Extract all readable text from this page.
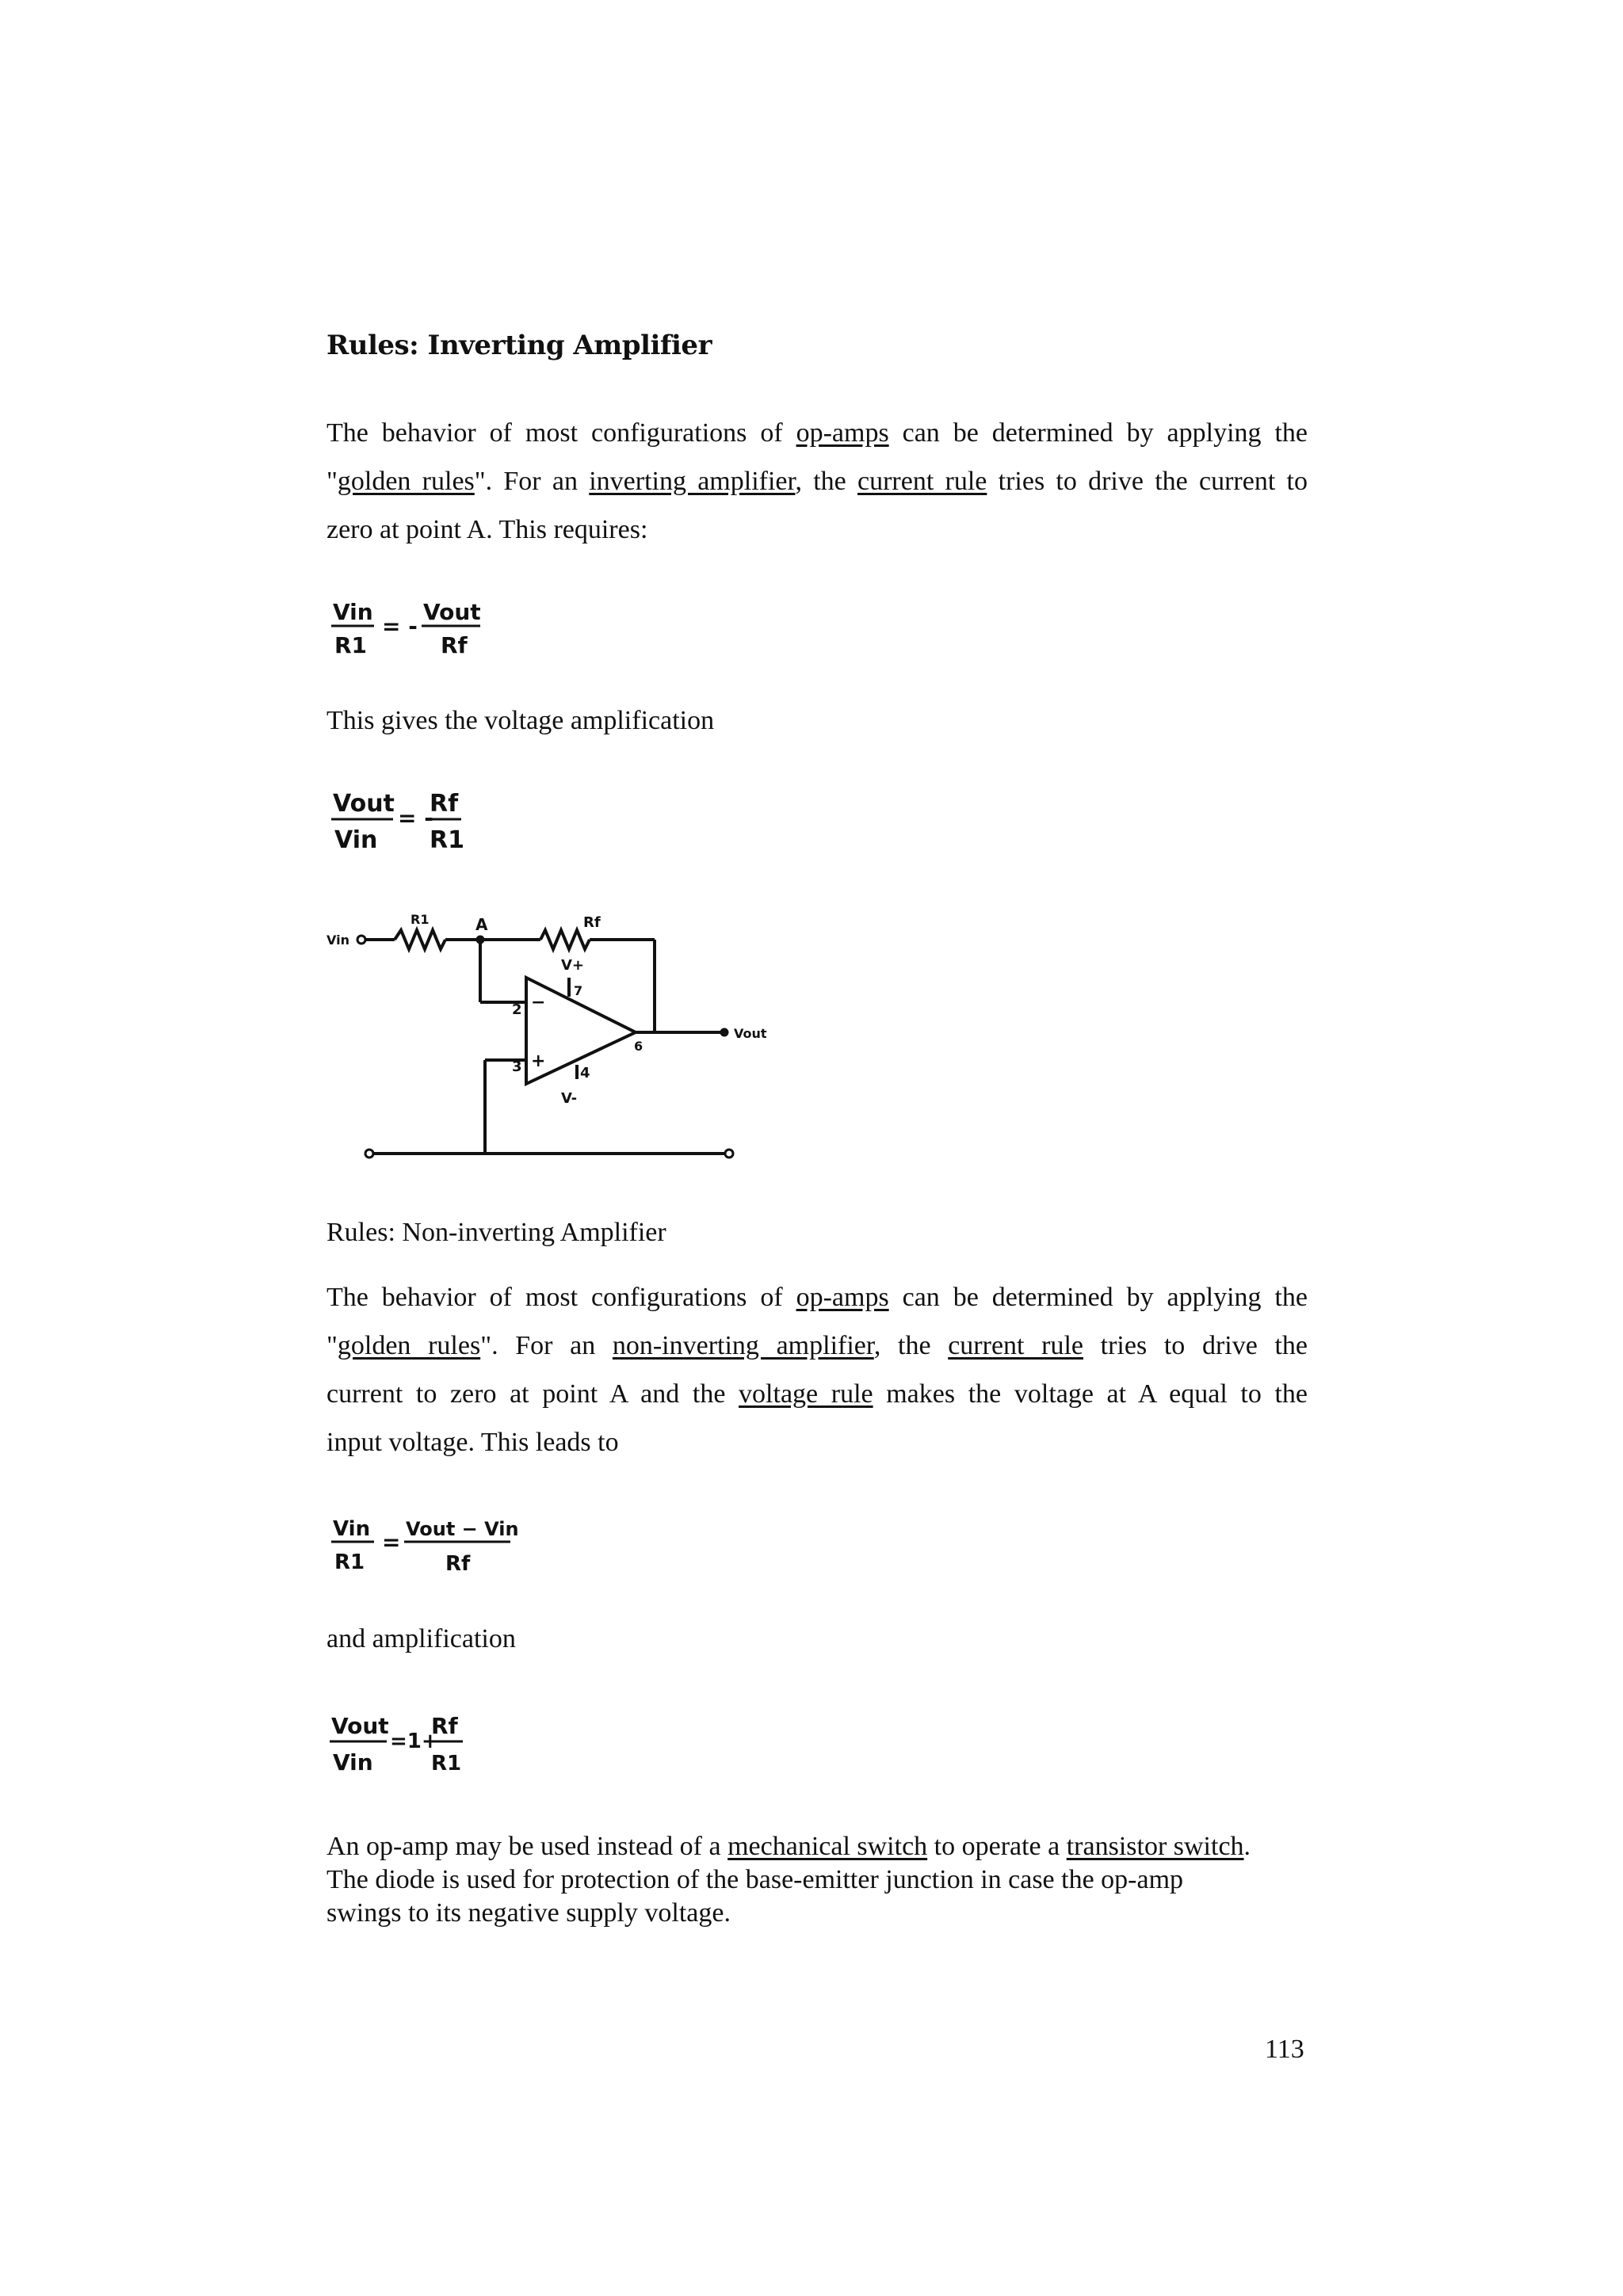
Rules: Inverting Amplifier
The behavior of most configurations of op-amps can be determined by applying the
"golden rules". For an inverting amplifier, the current rule tries to drive the current to
zero at point A. This requires:
Vin
R1
= -
Vout
Rf
This gives the voltage amplification
Vout
Vin
= -
Rf
R1
Vin
R1	A	Rf
V+
V-
Vout
2
3	4
6
7
−
+
Rules: Non-inverting Amplifier
The behavior of most configurations of op-amps can be determined by applying the
"golden rules". For an non-inverting amplifier, the current rule tries to drive the
current to zero at point A and the voltage rule makes the voltage at A equal to the
input voltage. This leads to
Vin
R1
= Vout − Vin
Rf
and amplification
Vout
Vin
=1+
Rf
R1
An op-amp may be used instead of a mechanical switch to operate a transistor switch.
The diode is used for protection of the base-emitter junction in case the op-amp
swings to its negative supply voltage.
113
